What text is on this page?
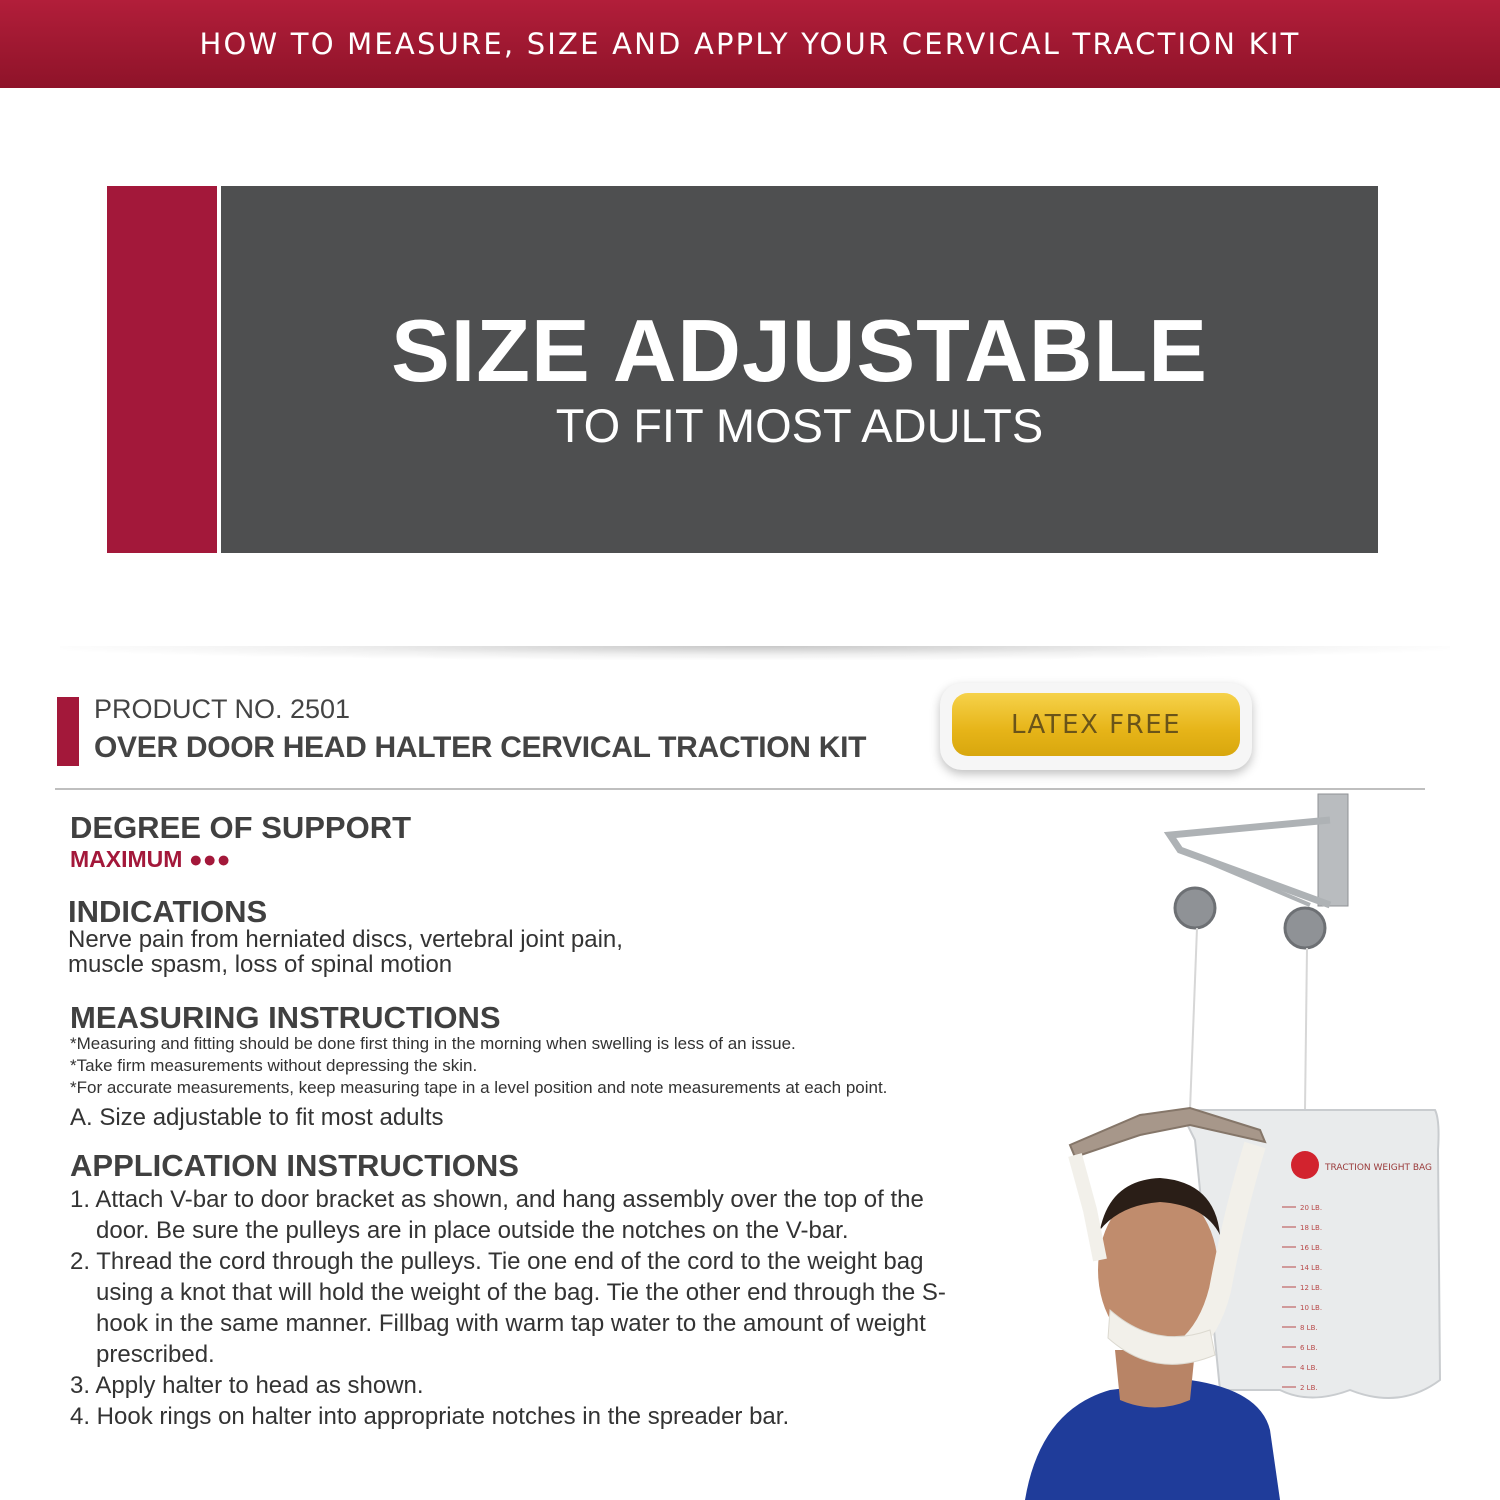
HOW TO MEASURE, SIZE AND APPLY YOUR CERVICAL TRACTION KIT
SIZE ADJUSTABLE
TO FIT MOST ADULTS
PRODUCT NO. 2501
OVER DOOR HEAD HALTER CERVICAL TRACTION KIT
LATEX FREE
DEGREE OF SUPPORT
MAXIMUM ●●●
INDICATIONS
Nerve pain from herniated discs, vertebral joint pain,
muscle spasm, loss of spinal motion
MEASURING INSTRUCTIONS
*Measuring and fitting should be done first thing in the morning when swelling is less of an issue.
*Take firm measurements without depressing the skin.
*For accurate measurements, keep measuring tape in a level position and note measurements at each point.
A. Size adjustable to fit most adults
APPLICATION INSTRUCTIONS
1. Attach V-bar to door bracket as shown, and hang assembly over the top of the door. Be sure the pulleys are in place outside the notches on the V-bar.
2. Thread the cord through the pulleys. Tie one end of the cord to the weight bag using a knot that will hold the weight of the bag. Tie the other end through the S-hook in the same manner. Fillbag with warm tap water to the amount of weight prescribed.
3. Apply halter to head as shown.
4. Hook rings on halter into appropriate notches in the spreader bar.
TRACTION WEIGHT BAG
20 LB.
18 LB.
16 LB.
14 LB.
12 LB.
10 LB.
8 LB.
6 LB.
4 LB.
2 LB.
